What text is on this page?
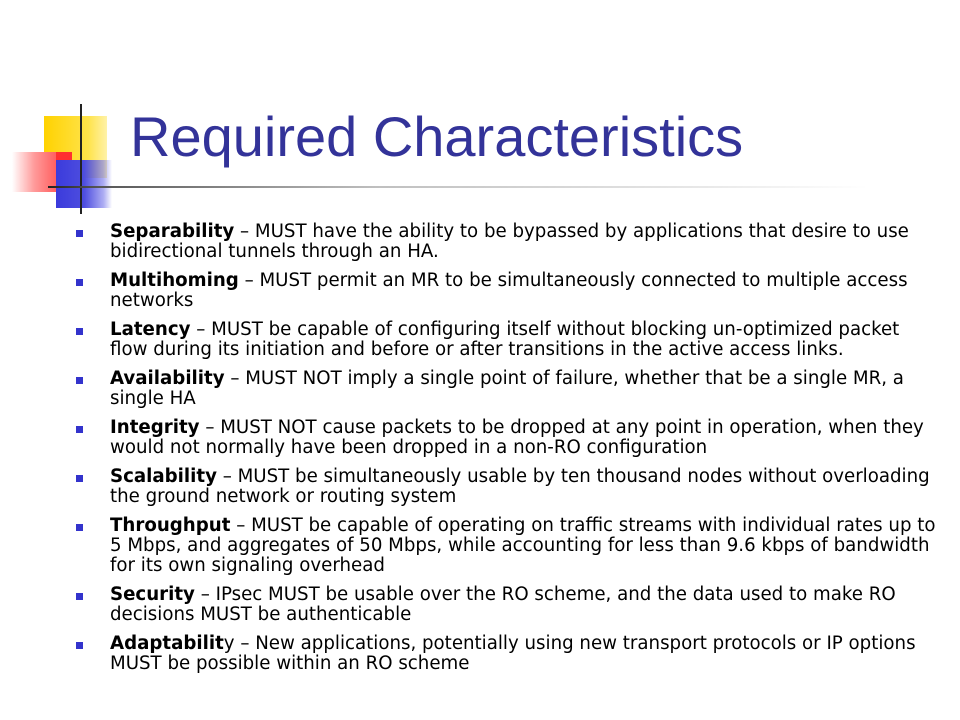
Required Characteristics
Separability – MUST have the ability to be bypassed by applications that desire to use bidirectional tunnels through an HA.
Multihoming – MUST permit an MR to be simultaneously connected to multiple access networks
Latency – MUST be capable of configuring itself without blocking un-optimized packet flow during its initiation and before or after transitions in the active access links.
Availability – MUST NOT imply a single point of failure, whether that be a single MR, a single HA
Integrity – MUST NOT cause packets to be dropped at any point in operation, when they would not normally have been dropped in a non-RO configuration
Scalability – MUST be simultaneously usable by ten thousand nodes without overloading the ground network or routing system
Throughput – MUST be capable of operating on traffic streams with individual rates up to 5 Mbps, and aggregates of 50 Mbps, while accounting for less than 9.6 kbps of bandwidth for its own signaling overhead
Security – IPsec MUST be usable over the RO scheme, and the data used to make RO decisions MUST be authenticable
Adaptability – New applications, potentially using new transport protocols or IP options MUST be possible within an RO scheme
